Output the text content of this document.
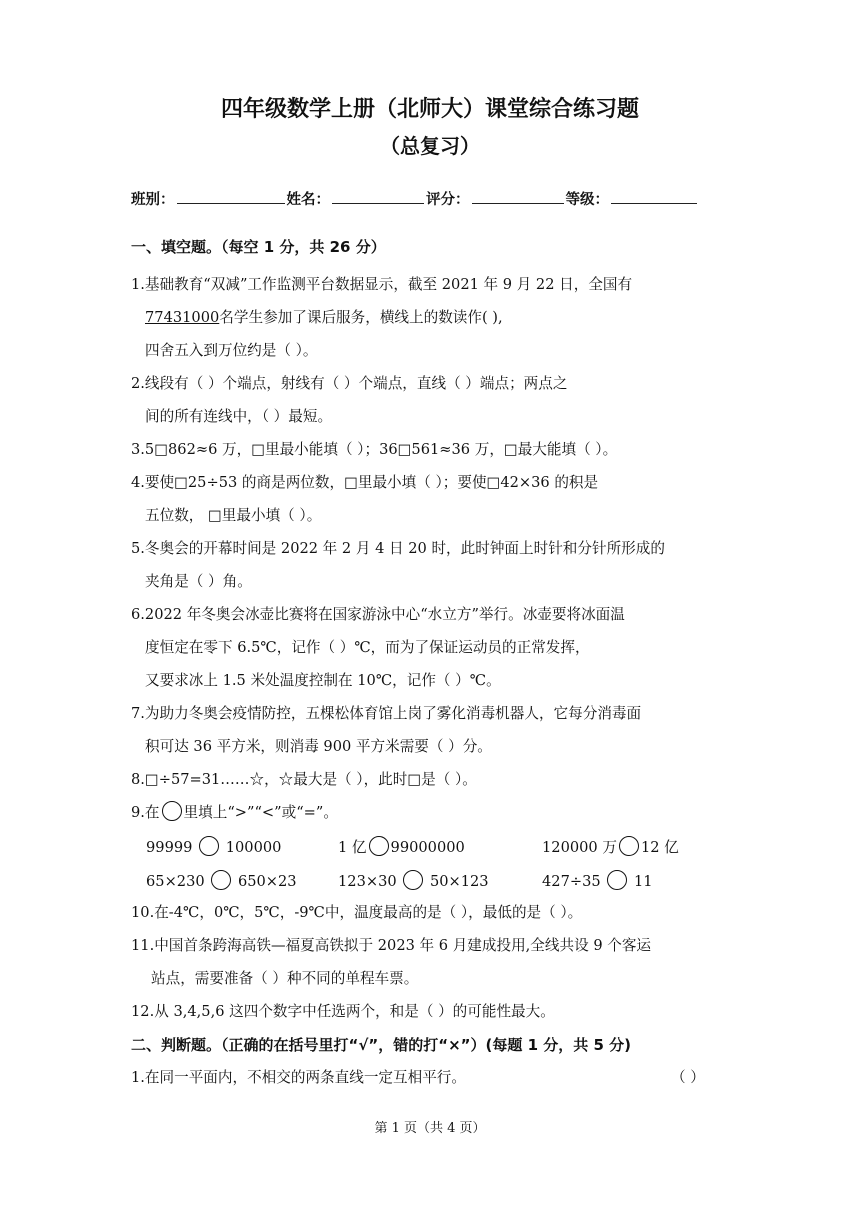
四年级数学上册（北师大）课堂综合练习题
（总复习）
班别：	姓名：	评分：	等级：
一、填空题。（每空 1 分，共 26 分）
1.基础教育“双减”工作监测平台数据显示，截至 2021 年 9 月 22 日，全国有
77431000名学生参加了课后服务，横线上的数读作( ),
四舍五入到万位约是（ ）。
2.线段有（ ）个端点，射线有（ ）个端点，直线（ ）端点；两点之
间的所有连线中，（ ）最短。
3.5□862≈6 万，□里最小能填（ ）；36□561≈36 万，□最大能填（ ）。
4.要使□25÷53 的商是两位数，□里最小填（ ）；要使□42×36 的积是
五位数， □里最小填（ ）。
5.冬奥会的开幕时间是 2022 年 2 月 4 日 20 时，此时钟面上时针和分针所形成的
夹角是（ ）角。
6.2022 年冬奥会冰壶比赛将在国家游泳中心“水立方”举行。冰壶要将冰面温
度恒定在零下 6.5℃，记作（ ）℃，而为了保证运动员的正常发挥，
又要求冰上 1.5 米处温度控制在 10℃，记作（ ）℃。
7.为助力冬奥会疫情防控，五棵松体育馆上岗了雾化消毒机器人，它每分消毒面
积可达 36 平方米，则消毒 900 平方米需要（ ）分。
8.□÷57=31……☆，☆最大是（ ），此时□是（ ）。
9.在 里填上“>”“<”或“=”。
99999 100000	1 亿 99000000	120000 万 12 亿
65×230 650×23	123×30 50×123	427÷35 11
10.在-4℃，0℃，5℃，-9℃中，温度最高的是（ ），最低的是（ ）。
11.中国首条跨海高铁—福夏高铁拟于 2023 年 6 月建成投用,全线共设 9 个客运
站点，需要准备（ ）种不同的单程车票。
12.从 3,4,5,6 这四个数字中任选两个，和是（ ）的可能性最大。
二、判断题。（正确的在括号里打“√”，错的打“×”）(每题 1 分，共 5 分)
1.在同一平面内，不相交的两条直线一定互相平行。	（ ）
第 1 页（共 4 页）
